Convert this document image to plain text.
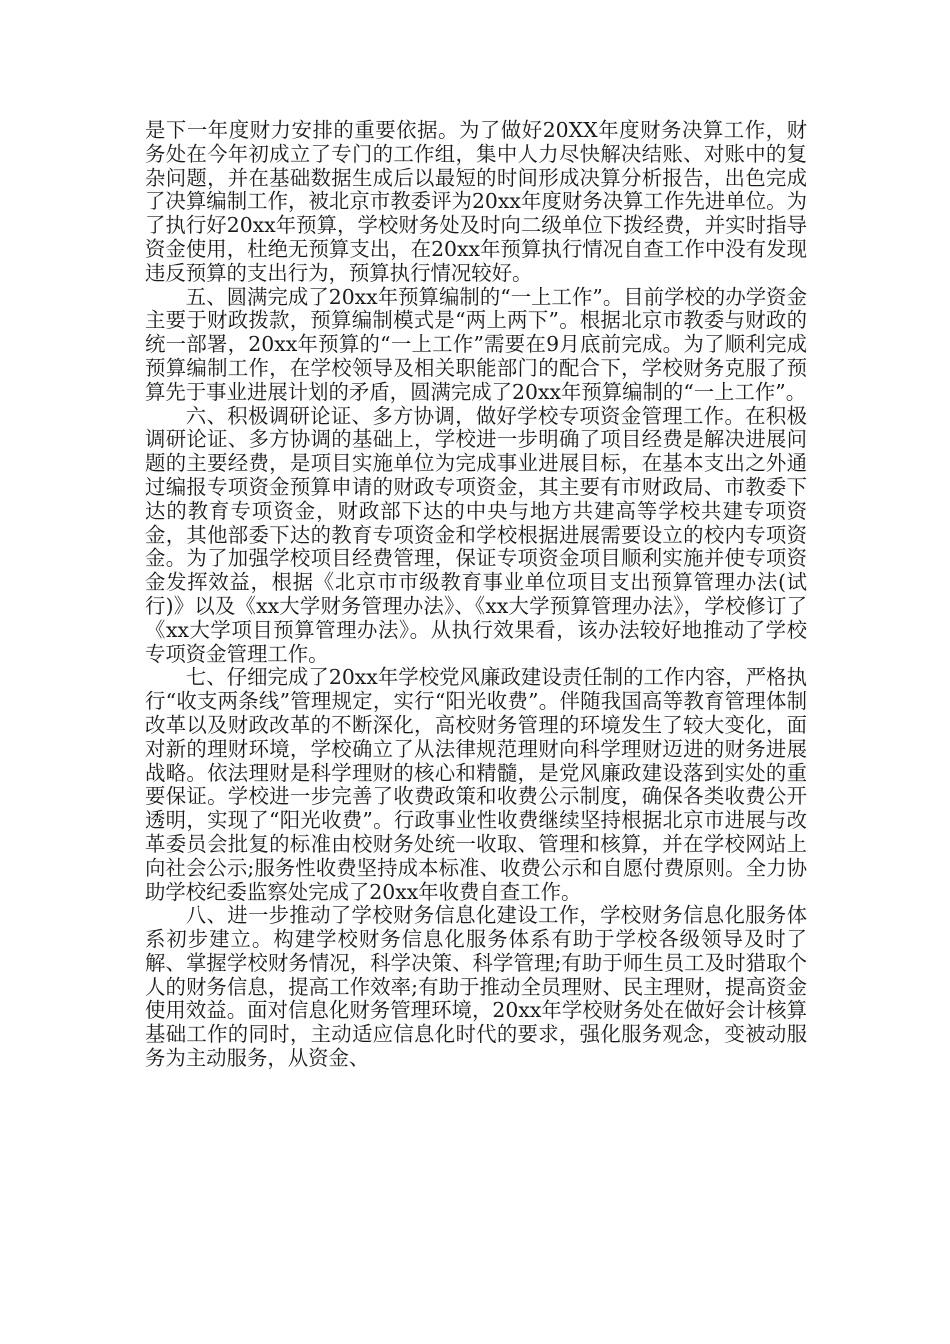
是下一年度财力安排的重要依据。为了做好20XX年度财务决算工作，财务处在今年初成立了专门的工作组，集中人力尽快解决结账、对账中的复杂问题，并在基础数据生成后以最短的时间形成决算分析报告，出色完成了决算编制工作，被北京市教委评为20xx年度财务决算工作先进单位。为了执行好20xx年预算，学校财务处及时向二级单位下拨经费，并实时指导资金使用，杜绝无预算支出，在20xx年预算执行情况自查工作中没有发现违反预算的支出行为，预算执行情况较好。

五、圆满完成了20xx年预算编制的“一上工作”。目前学校的办学资金主要于财政拨款，预算编制模式是“两上两下”。根据北京市教委与财政的统一部署，20xx年预算的“一上工作”需要在9月底前完成。为了顺利完成预算编制工作，在学校领导及相关职能部门的配合下，学校财务克服了预算先于事业进展计划的矛盾，圆满完成了20xx年预算编制的“一上工作”。

六、积极调研论证、多方协调，做好学校专项资金管理工作。在积极调研论证、多方协调的基础上，学校进一步明确了项目经费是解决进展问题的主要经费，是项目实施单位为完成事业进展目标，在基本支出之外通过编报专项资金预算申请的财政专项资金，其主要有市财政局、市教委下达的教育专项资金，财政部下达的中央与地方共建高等学校共建专项资金，其他部委下达的教育专项资金和学校根据进展需要设立的校内专项资金。为了加强学校项目经费管理，保证专项资金项目顺利实施并使专项资金发挥效益，根据《北京市市级教育事业单位项目支出预算管理办法(试行)》以及《xx大学财务管理办法》、《xx大学预算管理办法》，学校修订了《xx大学项目预算管理办法》。从执行效果看，该办法较好地推动了学校专项资金管理工作。

七、仔细完成了20xx年学校党风廉政建设责任制的工作内容，严格执行“收支两条线”管理规定，实行“阳光收费”。伴随我国高等教育管理体制改革以及财政改革的不断深化，高校财务管理的环境发生了较大变化，面对新的理财环境，学校确立了从法律规范理财向科学理财迈进的财务进展战略。依法理财是科学理财的核心和精髓，是党风廉政建设落到实处的重要保证。学校进一步完善了收费政策和收费公示制度，确保各类收费公开透明，实现了“阳光收费”。行政事业性收费继续坚持根据北京市进展与改革委员会批复的标准由校财务处统一收取、管理和核算，并在学校网站上向社会公示;服务性收费坚持成本标准、收费公示和自愿付费原则。全力协助学校纪委监察处完成了20xx年收费自查工作。

八、进一步推动了学校财务信息化建设工作，学校财务信息化服务体系初步建立。构建学校财务信息化服务体系有助于学校各级领导及时了解、掌握学校财务情况，科学决策、科学管理;有助于师生员工及时猎取个人的财务信息，提高工作效率;有助于推动全员理财、民主理财，提高资金使用效益。面对信息化财务管理环境，20xx年学校财务处在做好会计核算基础工作的同时，主动适应信息化时代的要求，强化服务观念，变被动服务为主动服务，从资金、
